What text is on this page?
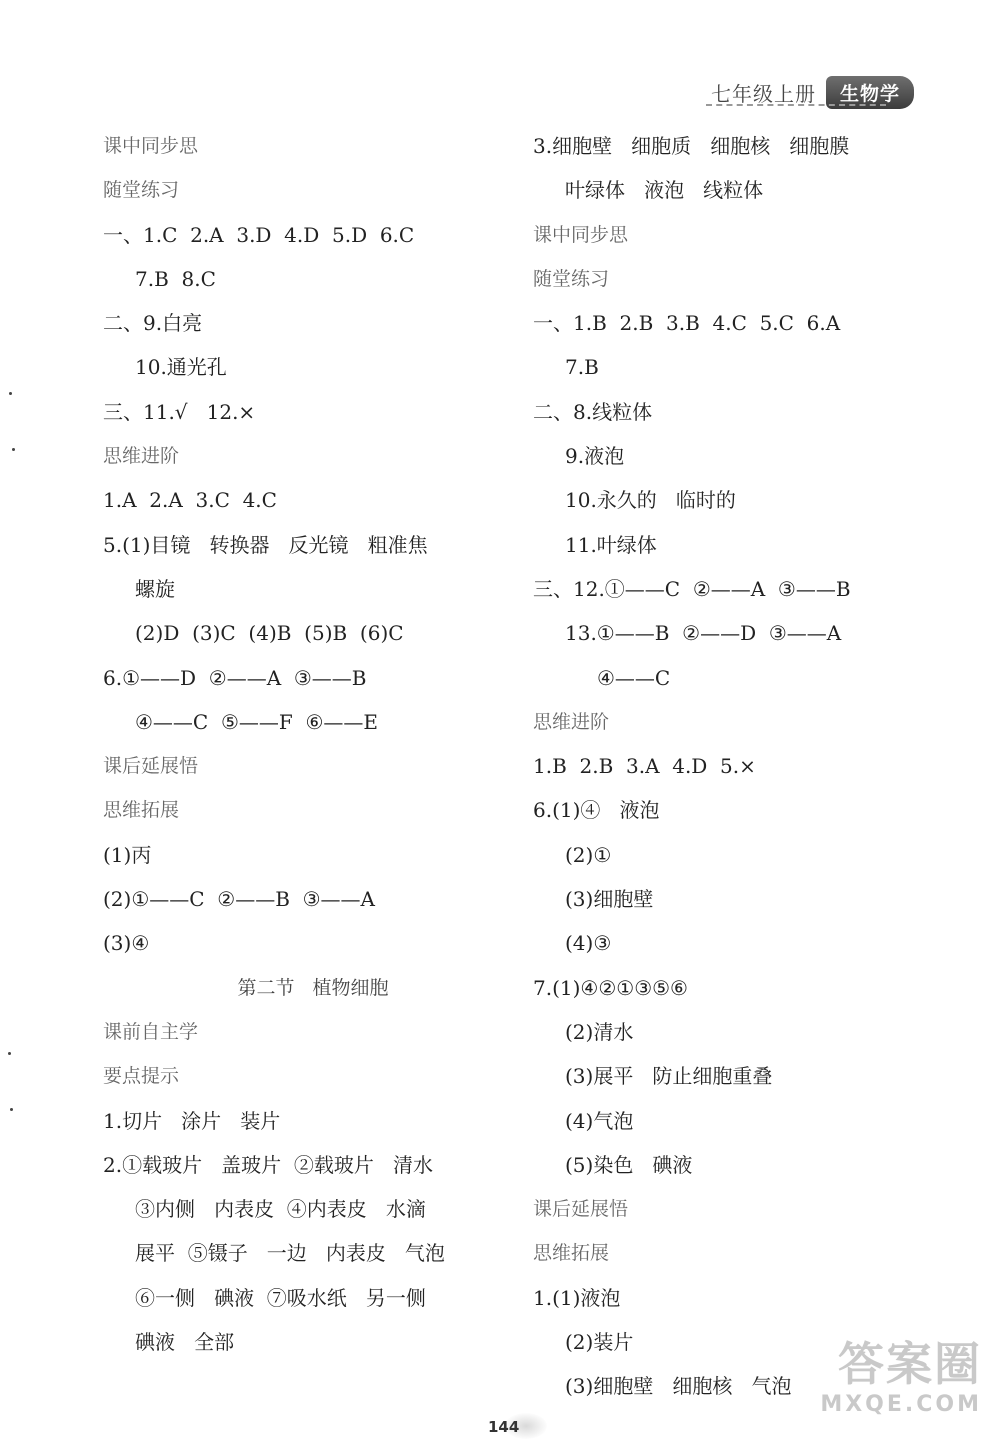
七年级上册	生物学
课中同步思
随堂练习
一、1.C  2.A  3.D  4.D  5.D  6.C
7.B  8.C
二、9.白亮
10.通光孔
三、11.√   12.×
思维进阶
1.A  2.A  3.C  4.C
5.(1)目镜   转换器   反光镜   粗准焦
螺旋
(2)D  (3)C  (4)B  (5)B  (6)C
6.①——D  ②——A  ③——B
④——C  ⑤——F  ⑥——E
课后延展悟
思维拓展
(1)丙
(2)①——C  ②——B  ③——A
(3)④
第二节   植物细胞
课前自主学
要点提示
1.切片   涂片   装片
2.①载玻片   盖玻片  ②载玻片   清水
③内侧   内表皮  ④内表皮   水滴
展平  ⑤镊子   一边   内表皮   气泡
⑥一侧   碘液  ⑦吸水纸   另一侧
碘液   全部
3.细胞壁   细胞质   细胞核   细胞膜
叶绿体   液泡   线粒体
课中同步思
随堂练习
一、1.B  2.B  3.B  4.C  5.C  6.A
7.B
二、8.线粒体
9.液泡
10.永久的   临时的
11.叶绿体
三、12.①——C  ②——A  ③——B
13.①——B  ②——D  ③——A
④——C
思维进阶
1.B  2.B  3.A  4.D  5.×
6.(1)④   液泡
(2)①
(3)细胞壁
(4)③
7.(1)④②①③⑤⑥
(2)清水
(3)展平   防止细胞重叠
(4)气泡
(5)染色   碘液
课后延展悟
思维拓展
1.(1)液泡
(2)装片
(3)细胞壁   细胞核   气泡
144
答案圈
MXQE.COM
